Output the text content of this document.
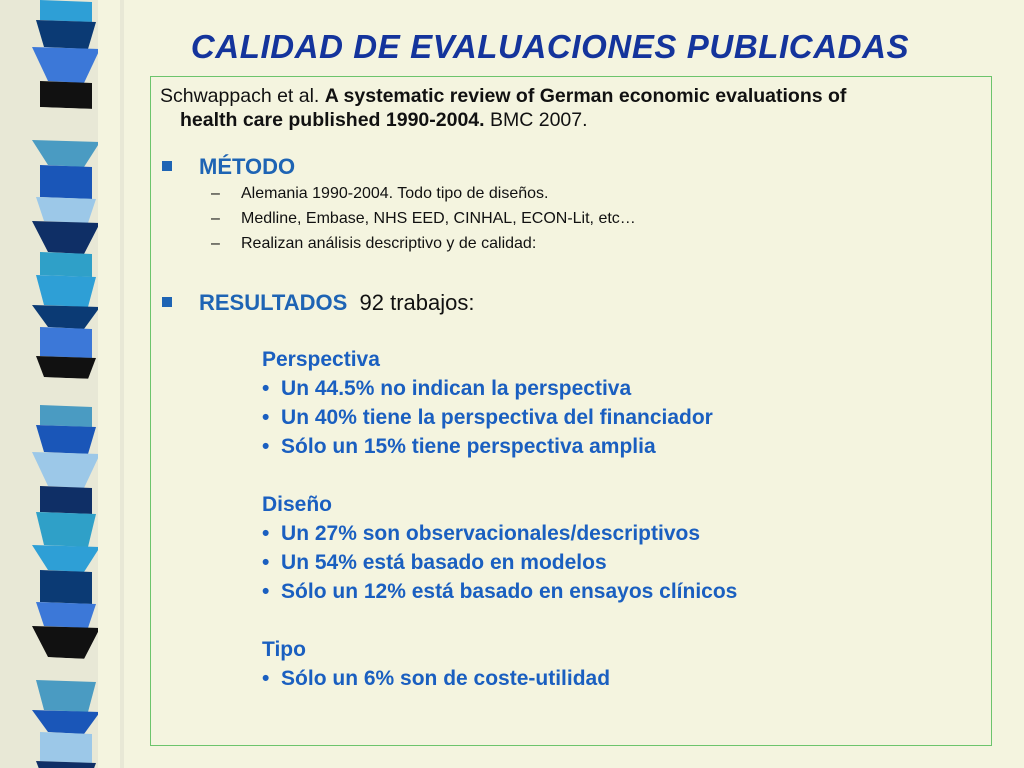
CALIDAD DE EVALUACIONES PUBLICADAS
Schwappach et al. A systematic review of German economic evaluations of
health care published 1990-2004. BMC 2007.
MÉTODO
– Alemania 1990-2004. Todo tipo de diseños.
– Medline, Embase, NHS EED, CINHAL, ECON-Lit, etc…
– Realizan análisis descriptivo y de calidad:
RESULTADOS 92 trabajos:
Perspectiva
•  Un 44.5% no indican la perspectiva
•  Un 40% tiene la perspectiva del financiador
•  Sólo un 15% tiene perspectiva amplia
Diseño
•  Un 27% son observacionales/descriptivos
•  Un 54% está basado en modelos
•  Sólo un 12% está basado en ensayos clínicos
Tipo
•  Sólo un 6% son de coste-utilidad
